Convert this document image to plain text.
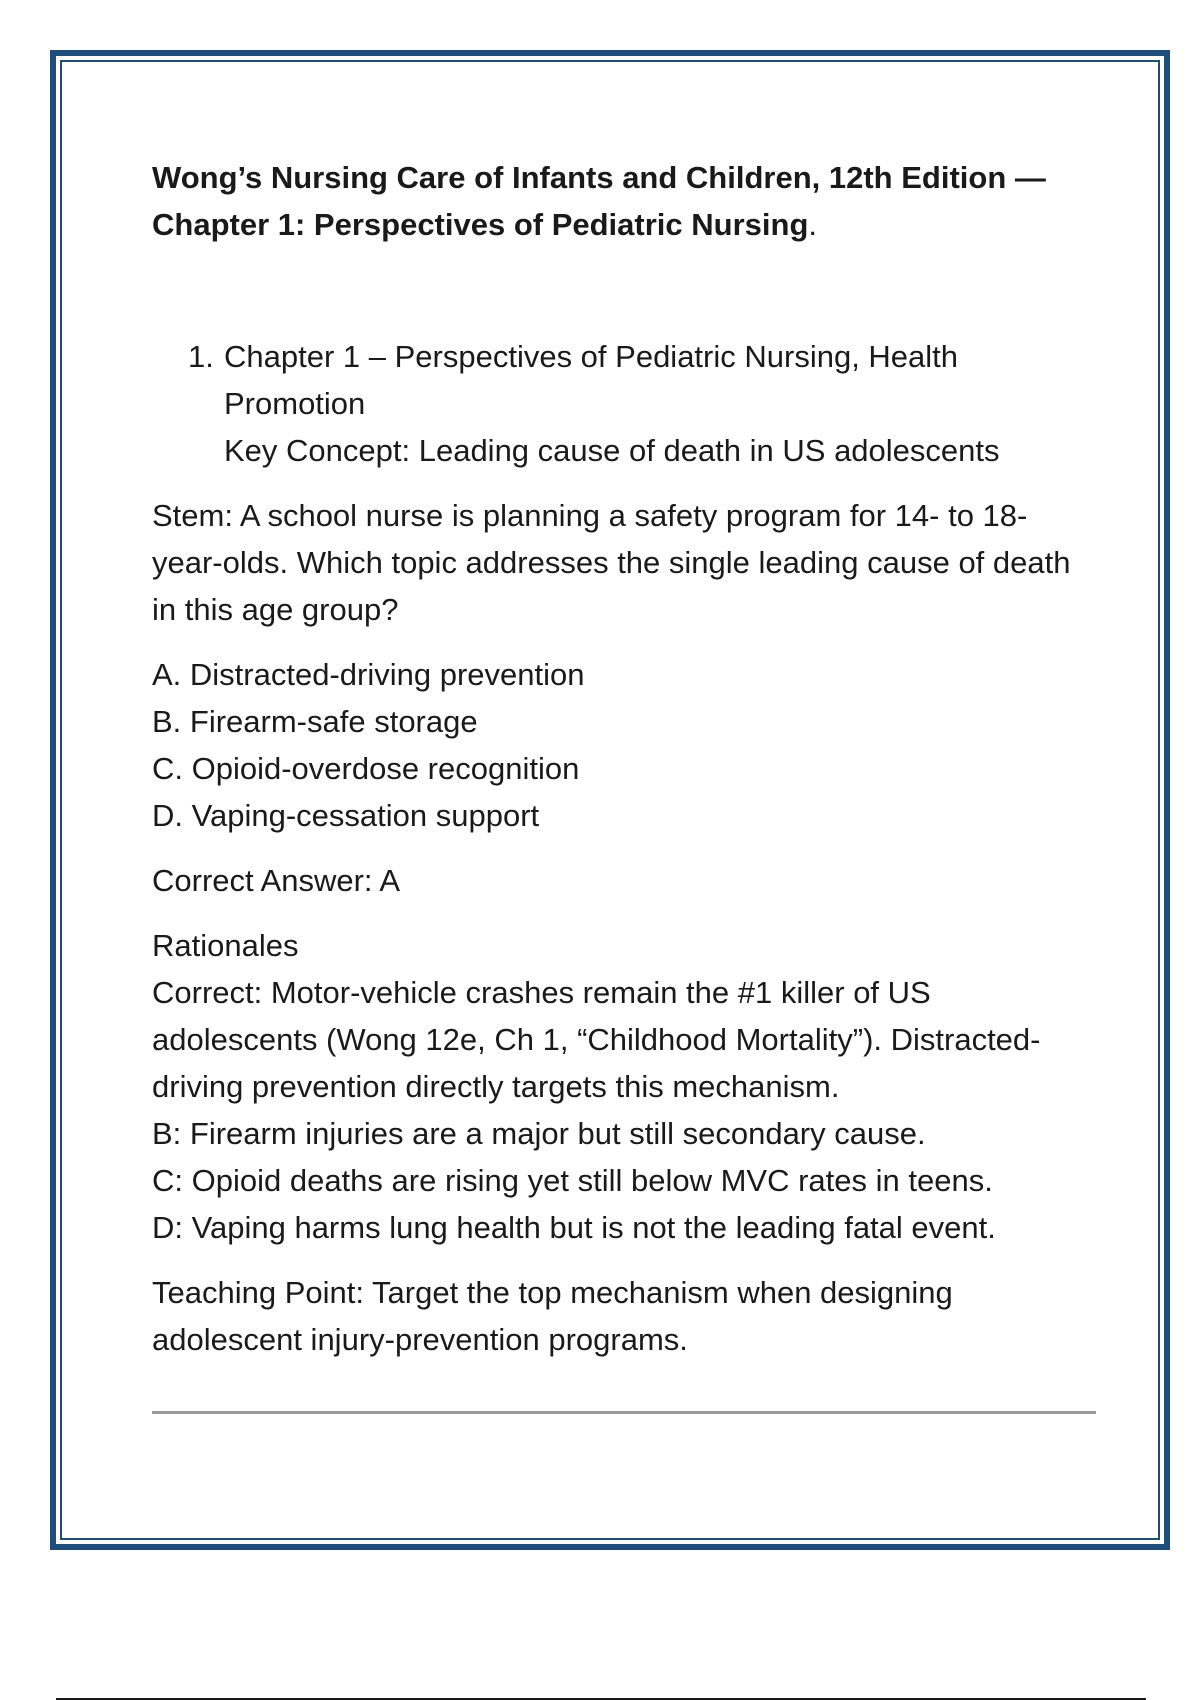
Wong’s Nursing Care of Infants and Children, 12th Edition — Chapter 1: Perspectives of Pediatric Nursing.

1. Chapter 1 – Perspectives of Pediatric Nursing, Health Promotion
Key Concept: Leading cause of death in US adolescents

Stem: A school nurse is planning a safety program for 14- to 18-year-olds. Which topic addresses the single leading cause of death in this age group?

A. Distracted-driving prevention
B. Firearm-safe storage
C. Opioid-overdose recognition
D. Vaping-cessation support

Correct Answer: A

Rationales
Correct: Motor-vehicle crashes remain the #1 killer of US adolescents (Wong 12e, Ch 1, “Childhood Mortality”). Distracted-driving prevention directly targets this mechanism.
B: Firearm injuries are a major but still secondary cause.
C: Opioid deaths are rising yet still below MVC rates in teens.
D: Vaping harms lung health but is not the leading fatal event.

Teaching Point: Target the top mechanism when designing adolescent injury-prevention programs.
